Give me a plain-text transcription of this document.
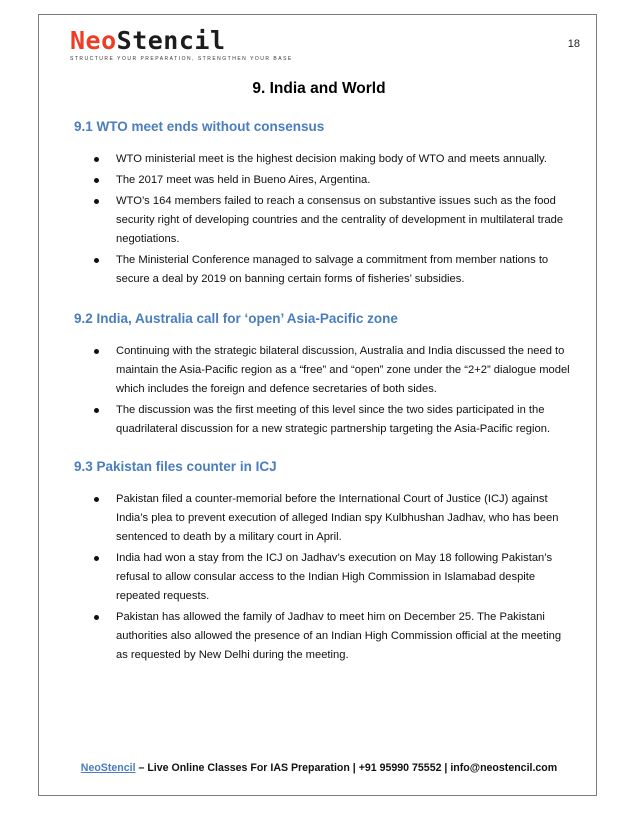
NeoStencil
STRUCTURE YOUR PREPARATION, STRENGTHEN YOUR BASE
18
9. India and World
9.1 WTO meet ends without consensus
WTO ministerial meet is the highest decision making body of WTO and meets annually.
The 2017 meet was held in Bueno Aires, Argentina.
WTO’s 164 members failed to reach a consensus on substantive issues such as the food security right of developing countries and the centrality of development in multilateral trade negotiations.
The Ministerial Conference managed to salvage a commitment from member nations to secure a deal by 2019 on banning certain forms of fisheries’ subsidies.
9.2 India, Australia call for ‘open’ Asia-Pacific zone
Continuing with the strategic bilateral discussion, Australia and India discussed the need to maintain the Asia-Pacific region as a “free” and “open” zone under the “2+2” dialogue model which includes the foreign and defence secretaries of both sides.
The discussion was the first meeting of this level since the two sides participated in the quadrilateral discussion for a new strategic partnership targeting the Asia-Pacific region.
9.3 Pakistan files counter in ICJ
Pakistan filed a counter-memorial before the International Court of Justice (ICJ) against India’s plea to prevent execution of alleged Indian spy Kulbhushan Jadhav, who has been sentenced to death by a military court in April.
India had won a stay from the ICJ on Jadhav’s execution on May 18 following Pakistan’s refusal to allow consular access to the Indian High Commission in Islamabad despite repeated requests.
Pakistan has allowed the family of Jadhav to meet him on December 25. The Pakistani authorities also allowed the presence of an Indian High Commission official at the meeting as requested by New Delhi during the meeting.
NeoStencil – Live Online Classes For IAS Preparation | +91 95990 75552 | info@neostencil.com
